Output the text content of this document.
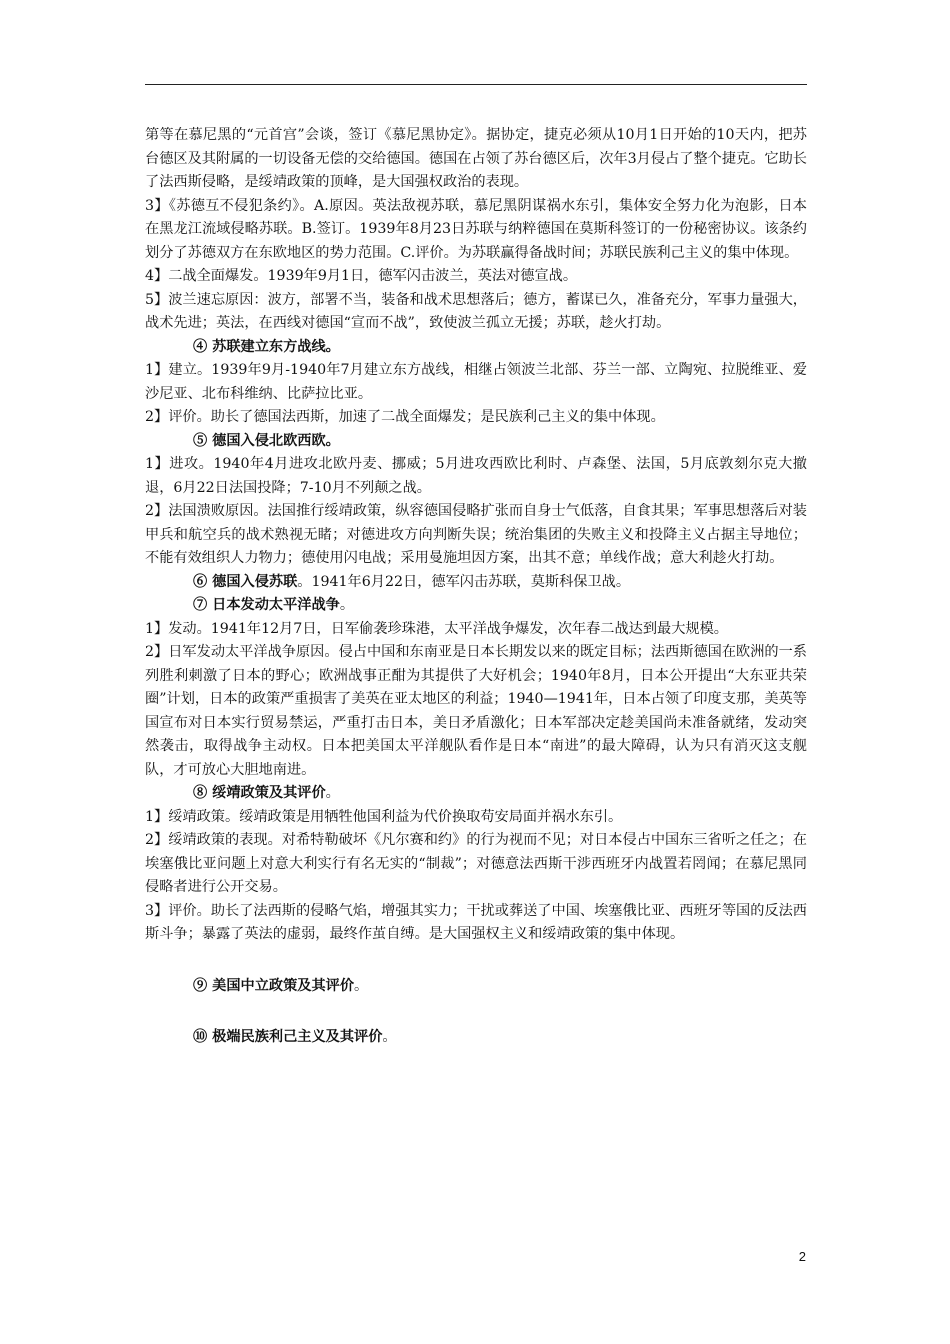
第等在慕尼黑的“元首宫”会谈，签订《慕尼黑协定》。据协定，捷克必须从10月1日开始的10天内，把苏台德区及其附属的一切设备无偿的交给德国。德国在占领了苏台德区后，次年3月侵占了整个捷克。它助长了法西斯侵略，是绥靖政策的顶峰，是大国强权政治的表现。

3】《苏德互不侵犯条约》。A.原因。英法敌视苏联，慕尼黑阴谋祸水东引，集体安全努力化为泡影，日本在黑龙江流域侵略苏联。B.签订。1939年8月23日苏联与纳粹德国在莫斯科签订的一份秘密协议。该条约划分了苏德双方在东欧地区的势力范围。C.评价。为苏联赢得备战时间；苏联民族利己主义的集中体现。

4】二战全面爆发。1939年9月1日，德军闪击波兰，英法对德宣战。

5】波兰速忘原因：波方，部署不当，装备和战术思想落后；德方，蓄谋已久，准备充分，军事力量强大，战术先进；英法，在西线对德国“宣而不战”，致使波兰孤立无援；苏联，趁火打劫。

④ 苏联建立东方战线。

1】建立。1939年9月-1940年7月建立东方战线，相继占领波兰北部、芬兰一部、立陶宛、拉脱维亚、爱沙尼亚、北布科维纳、比萨拉比亚。

2】评价。助长了德国法西斯，加速了二战全面爆发；是民族利己主义的集中体现。

⑤ 德国入侵北欧西欧。

1】进攻。1940年4月进攻北欧丹麦、挪威；5月进攻西欧比利时、卢森堡、法国，5月底敦刻尔克大撤退，6月22日法国投降；7-10月不列颠之战。

2】法国溃败原因。法国推行绥靖政策，纵容德国侵略扩张而自身士气低落，自食其果；军事思想落后对装甲兵和航空兵的战术熟视无睹；对德进攻方向判断失误；统治集团的失败主义和投降主义占据主导地位；不能有效组织人力物力；德使用闪电战；采用曼施坦因方案，出其不意；单线作战；意大利趁火打劫。

⑥ 德国入侵苏联。1941年6月22日，德军闪击苏联，莫斯科保卫战。

⑦ 日本发动太平洋战争。

1】发动。1941年12月7日，日军偷袭珍珠港，太平洋战争爆发，次年春二战达到最大规模。

2】日军发动太平洋战争原因。侵占中国和东南亚是日本长期发以来的既定目标；法西斯德国在欧洲的一系列胜利刺激了日本的野心；欧洲战事正酣为其提供了大好机会；1940年8月，日本公开提出“大东亚共荣圈”计划，日本的政策严重损害了美英在亚太地区的利益；1940—1941年，日本占领了印度支那，美英等国宣布对日本实行贸易禁运，严重打击日本，美日矛盾激化；日本军部决定趁美国尚未准备就绪，发动突然袭击，取得战争主动权。日本把美国太平洋舰队看作是日本“南进”的最大障碍，认为只有消灭这支舰队，才可放心大胆地南进。

⑧ 绥靖政策及其评价。

1】绥靖政策。绥靖政策是用牺牲他国利益为代价换取苟安局面并祸水东引。

2】绥靖政策的表现。对希特勒破坏《凡尔赛和约》的行为视而不见；对日本侵占中国东三省听之任之；在埃塞俄比亚问题上对意大利实行有名无实的“制裁”；对德意法西斯干涉西班牙内战置若罔闻；在慕尼黑同侵略者进行公开交易。

3】评价。助长了法西斯的侵略气焰，增强其实力；干扰或葬送了中国、埃塞俄比亚、西班牙等国的反法西斯斗争；暴露了英法的虚弱，最终作茧自缚。是大国强权主义和绥靖政策的集中体现。

⑨ 美国中立政策及其评价。

⑩ 极端民族利己主义及其评价。

2
